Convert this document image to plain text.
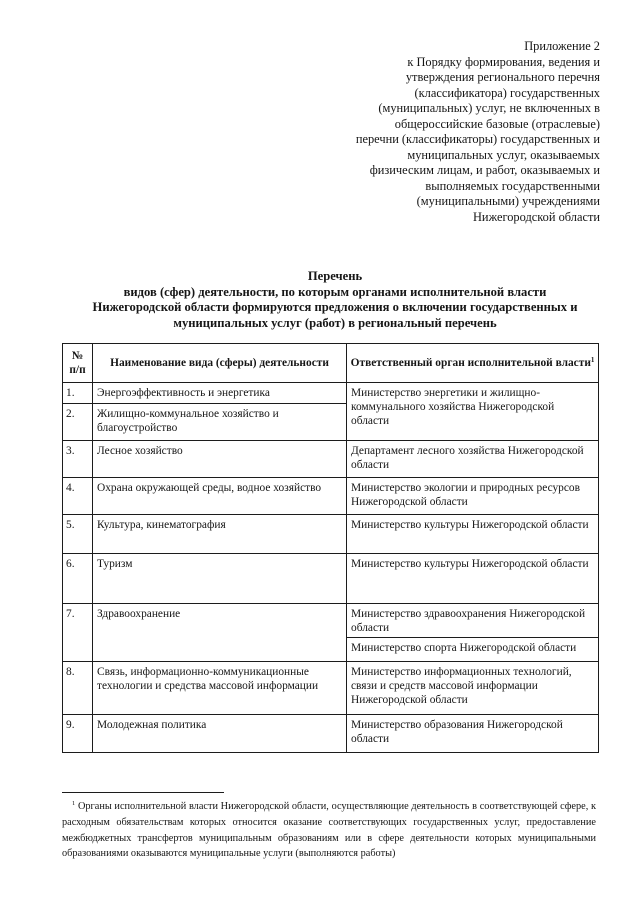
Приложение 2
к Порядку формирования, ведения и
утверждения регионального перечня
(классификатора) государственных
(муниципальных) услуг, не включенных в
общероссийские базовые (отраслевые)
перечни (классификаторы) государственных и
муниципальных услуг, оказываемых
физическим лицам, и работ, оказываемых и
выполняемых государственными
(муниципальными) учреждениями
Нижегородской области
Перечень
видов (сфер) деятельности, по которым органами исполнительной власти
Нижегородской области формируются предложения о включении государственных и
муниципальных услуг (работ) в региональный перечень
№ п/п	Наименование вида (сферы) деятельности	Ответственный орган исполнительной власти$^1$
1.	Энергоэффективность и энергетика	Министерство энергетики и жилищно-коммунального хозяйства Нижегородской области
2.	Жилищно-коммунальное хозяйство и благоустройство	
3.	Лесное хозяйство	Департамент лесного хозяйства Нижегородской области
4.	Охрана окружающей среды, водное хозяйство	Министерство экологии и природных ресурсов Нижегородской области
5.	Культура, кинематография	Министерство культуры Нижегородской области
6.	Туризм	Министерство культуры Нижегородской области
7.	Здравоохранение	Министерство здравоохранения Нижегородской области
		Министерство спорта Нижегородской области
8.	Связь, информационно-коммуникационные технологии и средства массовой информации	Министерство информационных технологий, связи и средств массовой информации Нижегородской области
9.	Молодежная политика	Министерство образования Нижегородской области
$^1$ Органы исполнительной власти Нижегородской области, осуществляющие деятельность в соответствующей сфере, к расходным обязательствам которых относится оказание соответствующих государственных услуг, предоставление межбюджетных трансфертов муниципальным образованиям или в сфере деятельности которых муниципальными образованиями оказываются муниципальные услуги (выполняются работы)
